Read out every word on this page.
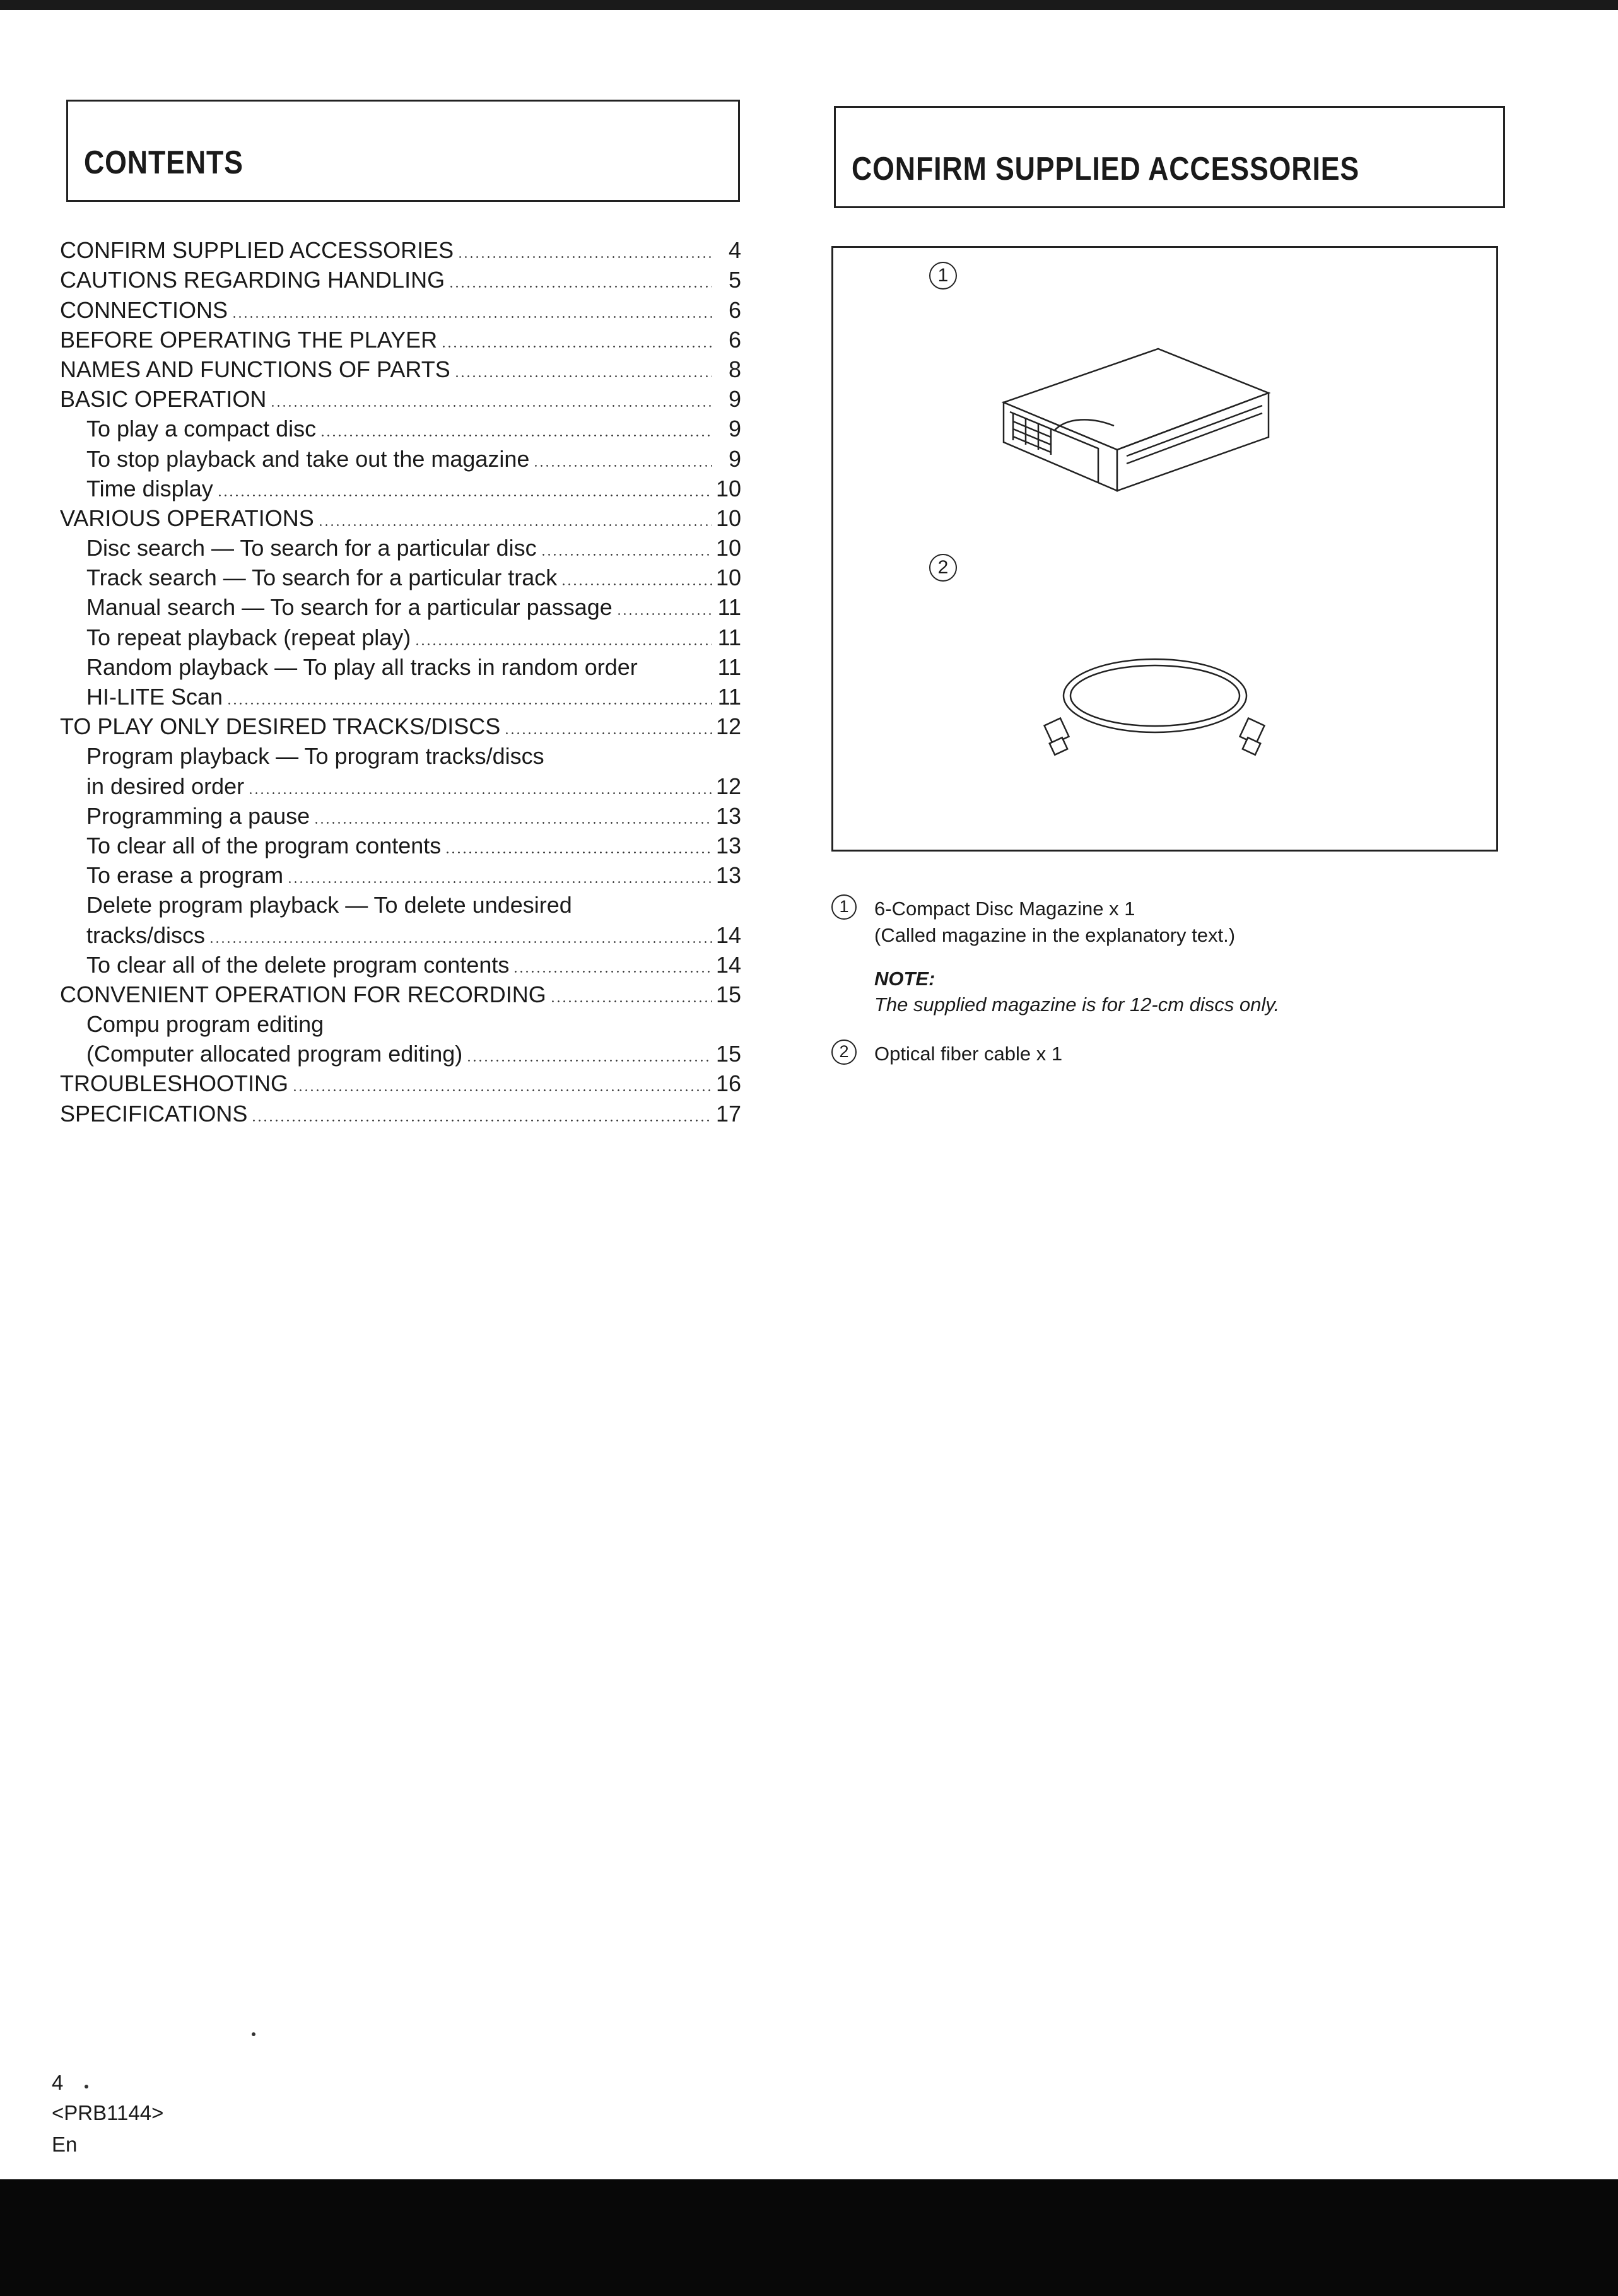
CONTENTS
CONFIRM SUPPLIED ACCESSORIES	4
CAUTIONS REGARDING HANDLING	5
CONNECTIONS	6
BEFORE OPERATING THE PLAYER	6
NAMES AND FUNCTIONS OF PARTS	8
BASIC OPERATION	9
To play a compact disc	9
To stop playback and take out the magazine	9
Time display	10
VARIOUS OPERATIONS	10
Disc search — To search for a particular disc	10
Track search — To search for a particular track	10
Manual search — To search for a particular passage	11
To repeat playback (repeat play)	11
Random playback — To play all tracks in random order	11
HI-LITE Scan	11
TO PLAY ONLY DESIRED TRACKS/DISCS	12
Program playback — To program tracks/discs
in desired order	12
Programming a pause	13
To clear all of the program contents	13
To erase a program	13
Delete program playback — To delete undesired
tracks/discs	14
To clear all of the delete program contents	14
CONVENIENT OPERATION FOR RECORDING	15
Compu program editing
(Computer allocated program editing)	15
TROUBLESHOOTING	16
SPECIFICATIONS	17
CONFIRM SUPPLIED ACCESSORIES
1
2
1	6-Compact Disc Magazine x 1
(Called magazine in the explanatory text.)
NOTE:
The supplied magazine is for 12-cm discs only.
2	Optical fiber cable x 1
4
<PRB1144>
En
